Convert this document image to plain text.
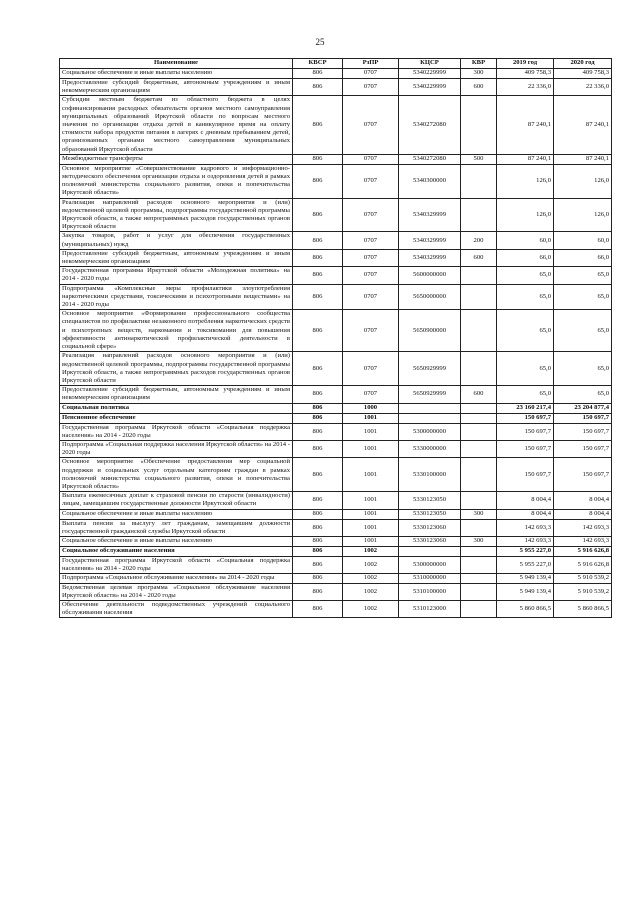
25
Наименование	КВСР	РзПР	КЦСР	КВР	2019 год	2020 год
Социальное обеспечение и иные выплаты населению	806	0707	5340229999	300	409 758,3	409 758,3
Предоставление субсидий бюджетным, автономным учреждениям и иным некоммерческим организациям	806	0707	5340229999	600	22 336,0	22 336,0
Субсидии местным бюджетам из областного бюджета в целях софинансирования расходных обязательств органов местного самоуправления муниципальных образований Иркутской области по вопросам местного значения по организации отдыха детей в каникулярное время на оплату стоимости набора продуктов питания в лагерях с дневным пребыванием детей, организованных органами местного самоуправления муниципальных образований Иркутской области	806	0707	5340272080		87 240,1	87 240,1
Межбюджетные трансферты	806	0707	5340272080	500	87 240,1	87 240,1
Основное мероприятие «Совершенствование кадрового и информационно-методического обеспечения организации отдыха и оздоровления детей в рамках полномочий министерства социального развития, опеки и попечительства Иркутской области»	806	0707	5340300000		126,0	126,0
Реализация направлений расходов основного мероприятия и (или) ведомственной целевой программы, подпрограммы государственной программы Иркутской области, а также непрограммных расходов государственных органов Иркутской области	806	0707	5340329999		126,0	126,0
Закупка товаров, работ и услуг для обеспечения государственных (муниципальных) нужд	806	0707	5340329999	200	60,0	60,0
Предоставление субсидий бюджетным, автономным учреждениям и иным некоммерческим организациям	806	0707	5340329999	600	66,0	66,0
Государственная программа Иркутской области «Молодежная политика» на 2014 - 2020 годы	806	0707	5600000000		65,0	65,0
Подпрограмма «Комплексные меры профилактики злоупотребления наркотическими средствами, токсическими и психотропными веществами» на 2014 - 2020 годы	806	0707	5650000000		65,0	65,0
Основное мероприятие «Формирование профессионального сообщества специалистов по профилактике незаконного потребления наркотических средств и психотропных веществ, наркомании и токсикомании для повышения эффективности антинаркотической профилактической деятельности в социальной сфере»	806	0707	5650900000		65,0	65,0
Реализация направлений расходов основного мероприятия и (или) ведомственной целевой программы, подпрограммы государственной программы Иркутской области, а также непрограммных расходов государственных органов Иркутской области	806	0707	5650929999		65,0	65,0
Предоставление субсидий бюджетным, автономным учреждениям и иным некоммерческим организациям	806	0707	5650929999	600	65,0	65,0
Социальная политика	806	1000			23 160 217,4	23 204 877,4
Пенсионное обеспечение	806	1001			150 697,7	150 697,7
Государственная программа Иркутской области «Социальная поддержка населения» на 2014 - 2020 годы	806	1001	5300000000		150 697,7	150 697,7
Подпрограмма «Социальная поддержка населения Иркутской области» на 2014 - 2020 годы	806	1001	5330000000		150 697,7	150 697,7
Основное мероприятие «Обеспечение предоставления мер социальной поддержки и социальных услуг отдельным категориям граждан в рамках полномочий министерства социального развития, опеки и попечительства Иркутской области»	806	1001	5330100000		150 697,7	150 697,7
Выплата ежемесячных доплат к страховой пенсии по старости (инвалидности) лицам, замещавшим государственные должности Иркутской области	806	1001	5330123050		8 004,4	8 004,4
Социальное обеспечение и иные выплаты населению	806	1001	5330123050	300	8 004,4	8 004,4
Выплата пенсии за выслугу лет гражданам, замещавшим должности государственной гражданской службы Иркутской области	806	1001	5330123060		142 693,3	142 693,3
Социальное обеспечение и иные выплаты населению	806	1001	5330123060	300	142 693,3	142 693,3
Социальное обслуживание населения	806	1002			5 955 227,0	5 916 626,8
Государственная программа Иркутской области «Социальная поддержка населения» на 2014 - 2020 годы	806	1002	5300000000		5 955 227,0	5 916 626,8
Подпрограмма «Социальное обслуживание населения» на 2014 - 2020 годы	806	1002	5310000000		5 949 139,4	5 910 539,2
Ведомственная целевая программа «Социальное обслуживание населения Иркутской области» на 2014 - 2020 годы	806	1002	5310100000		5 949 139,4	5 910 539,2
Обеспечение деятельности подведомственных учреждений социального обслуживания населения	806	1002	5310123000		5 860 866,5	5 860 866,5
